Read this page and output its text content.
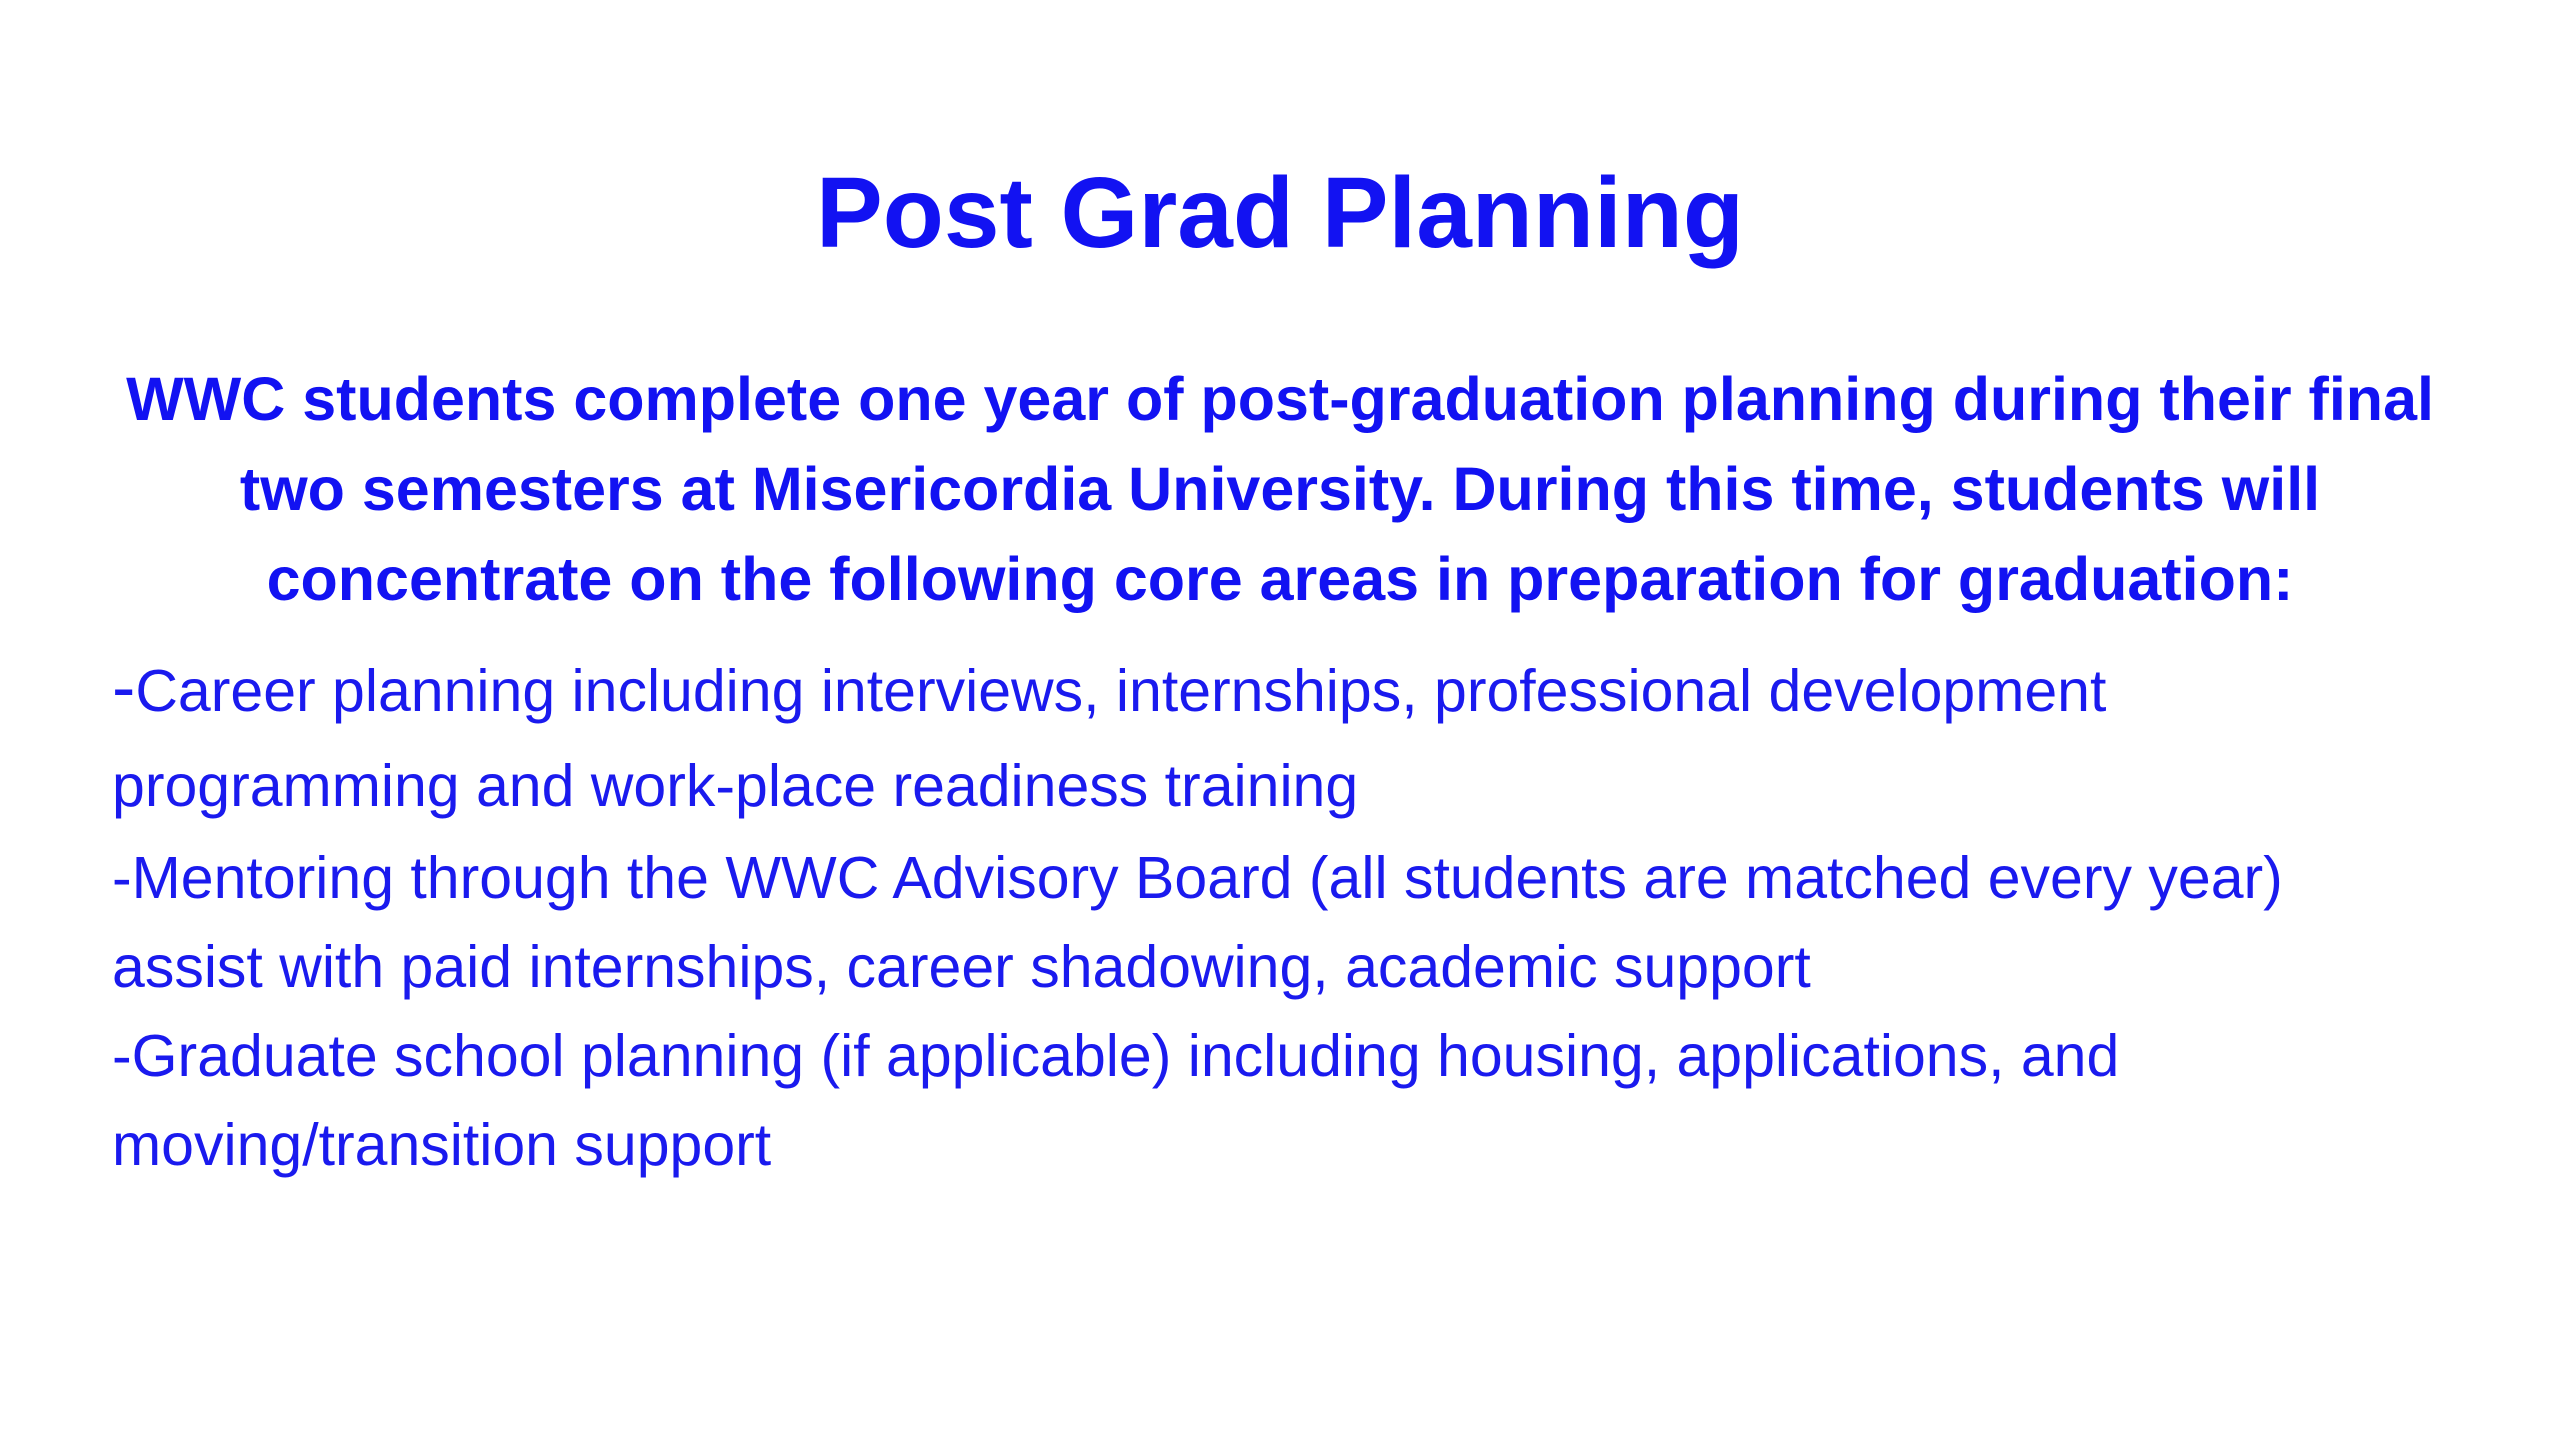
Post Grad Planning

WWC students complete one year of post-graduation planning during their final two semesters at Misericordia University. During this time, students will concentrate on the following core areas in preparation for graduation:

-Career planning including interviews, internships, professional development programming and work-place readiness training
-Mentoring through the WWC Advisory Board (all students are matched every year) assist with paid internships, career shadowing, academic support
-Graduate school planning (if applicable) including housing, applications, and moving/transition support
